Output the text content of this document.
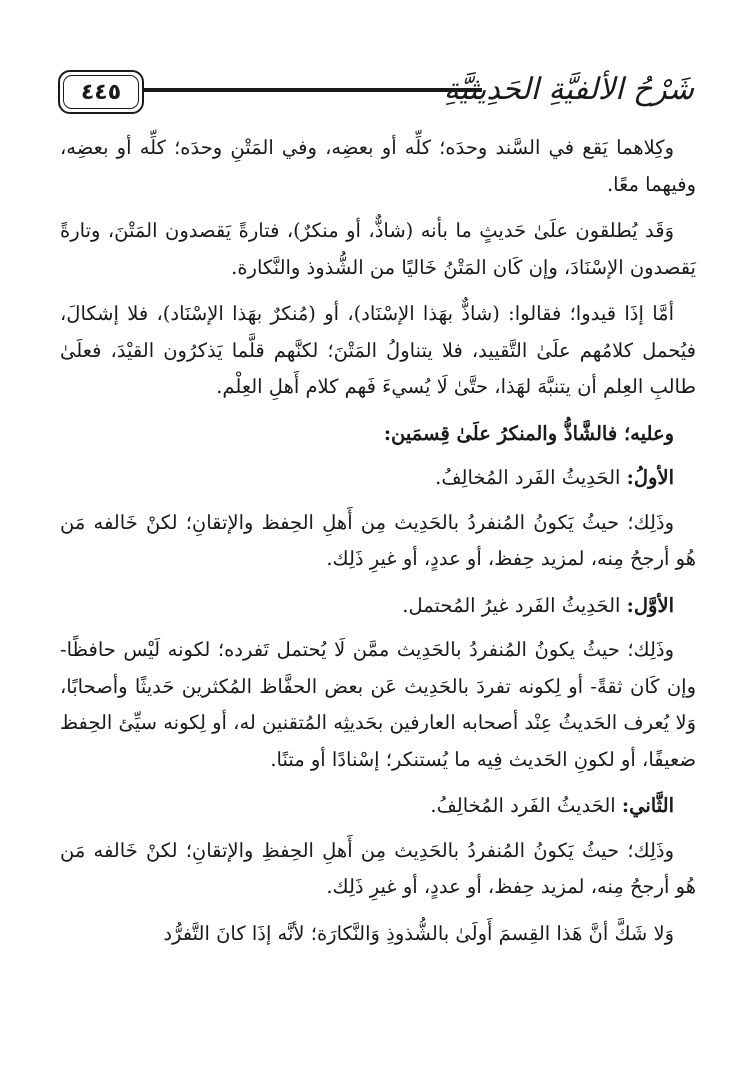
٤٤٥	شَرْحُ الألفيَّةِ الحَدِيثيَّةِ

وكِلاهما يَقع في السَّند وحدَه؛ كلِّه أو بعضِه، وفي المَتْنِ وحدَه؛ كلِّه أو بعضِه، وفيهما معًا.

وَقَد يُطلقون علَىٰ حَديثٍ ما بأنه (شاذٌّ، أو منكرٌ)، فتارةً يَقصدون المَتْنَ، وتارةً يَقصدون الإسْنَادَ، وإن كَان المَتْنُ خَاليًا من الشُّذوذ والنَّكارة.

أمَّا إذَا قيدوا؛ فقالوا: (شاذٌّ بهَذا الإسْنَاد)، أو (مُنكرٌ بهَذا الإسْنَاد)، فلا إشكالَ، فيُحمل كلامُهم علَىٰ التَّقييد، فلا يتناولُ المَتْنَ؛ لكنَّهم قلَّما يَذكرُون القيْدَ، فعلَىٰ طالبِ العِلم أن يتنبَّهَ لهَذا، حتَّىٰ لَا يُسيءَ فَهم كلام أَهلِ العِلْم.

وعليه؛ فالشَّاذُّ والمنكرُ علَىٰ قِسمَين:

الأولُ: الحَدِيثُ الفَرد المُخالِفُ.

وذَلِك؛ حيثُ يَكونُ المُنفردُ بالحَدِيث مِن أَهلِ الحِفظ والإتقانِ؛ لكنْ خَالفه مَن هُو أرجحُ مِنه، لمزيد حِفظ، أو عددٍ، أو غيرِ ذَلِك.

الأوَّل: الحَدِيثُ الفَرد غيرُ المُحتمل.

وذَلِك؛ حيثُ يكونُ المُنفردُ بالحَدِيث ممَّن لَا يُحتمل تَفرده؛ لكونه لَيْس حافظًا- وإن كَان ثقةً- أو لِكونه تفردَ بالحَدِيث عَن بعض الحفَّاظ المُكثرين حَديثًا وأصحابًا، وَلا يُعرف الحَديثُ عِنْد أصحابه العارفين بحَديثِه المُتقنين له، أو لِكونه سيِّئ الحِفظ ضعيفًا، أو لكونِ الحَديث فِيه ما يُستنكر؛ إسْنادًا أو متنًا.

الثَّاني: الحَديثُ الفَرد المُخالِفُ.

وذَلِك؛ حيثُ يَكونُ المُنفردُ بالحَدِيث مِن أَهلِ الحِفظِ والإتقانِ؛ لكنْ خَالفه مَن هُو أرجحُ مِنه، لمزيد حِفظ، أو عددٍ، أو غيرِ ذَلِك.

وَلا شَكَّ أنَّ هَذا القِسمَ أَولَىٰ بالشُّذوذِ وَالنَّكارَة؛ لأنَّه إذَا كانَ التَّفرُّد
